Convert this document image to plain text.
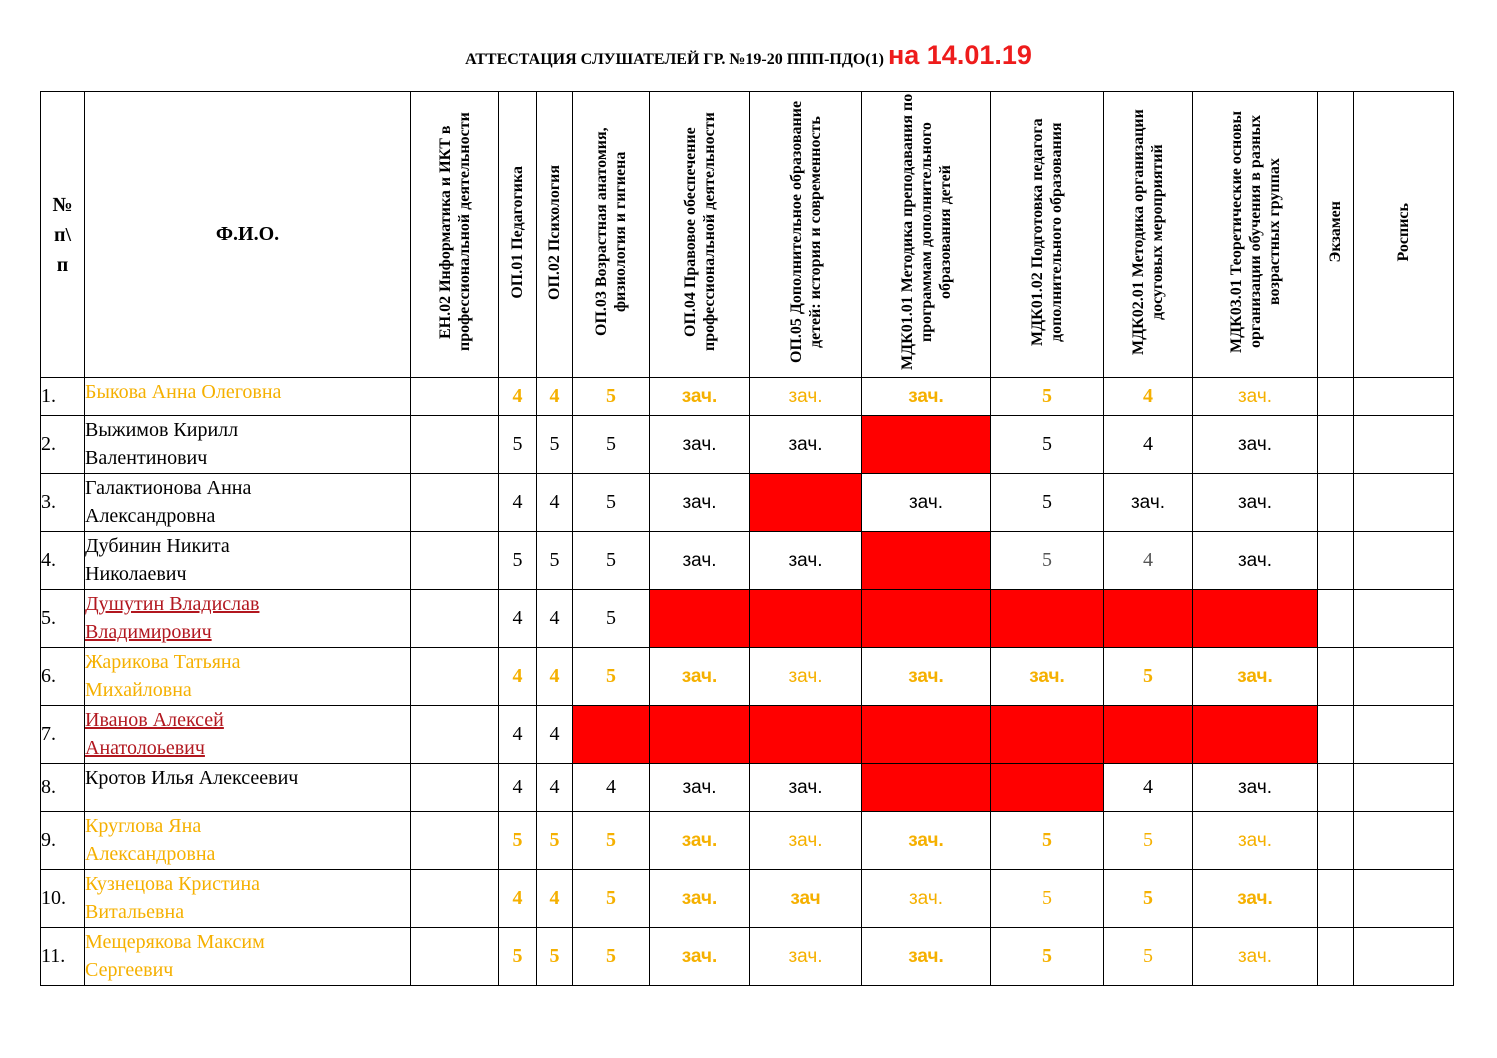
АТТЕСТАЦИЯ СЛУШАТЕЛЕЙ ГР. №19-20 ППП-ПДО(1) на 14.01.19
№
п\
п	Ф.И.О.	ЕН.02 Информатика и ИКТ в профессиональной деятельности	ОП.01 Педагогика	ОП.02 Психология	ОП.03 Возрастная анатомия, физиология и гигиена	ОП.04 Правовое обеспечение профессиональной деятельности	ОП.05 Дополнительное образование детей: история и современность	МДК01.01 Методика преподавания по программам дополнительного образования детей	МДК01.02 Подготовка педагога дополнительного образования	МДК02.01 Методика организации досуговых мероприятий	МДК03.01 Теоретические основы организации обучения в разных возрастных группах	Экзамен	Роспись
1.	Быкова Анна Олеговна		4	4	5	зач.	зач.	зач.	5	4	зач.		
2.	Выжимов Кирилл
Валентинович		5	5	5	зач.	зач.		5	4	зач.		
3.	Галактионова Анна
Александровна		4	4	5	зач.		зач.	5	зач.	зач.		
4.	Дубинин Никита
Николаевич		5	5	5	зач.	зач.		5	4	зач.		
5.	Душутин Владислав
Владимирович		4	4	5								
6.	Жарикова Татьяна
Михайловна		4	4	5	зач.	зач.	зач.	зач.	5	зач.		
7.	Иванов Алексей
Анатолоьевич		4	4									
8.	Кротов Илья Алексеевич		4	4	4	зач.	зач.			4	зач.		
9.	Круглова Яна
Александровна		5	5	5	зач.	зач.	зач.	5	5	зач.		
10.	Кузнецова Кристина
Витальевна		4	4	5	зач.	зач	зач.	5	5	зач.		
11.	Мещерякова Максим
Сергеевич		5	5	5	зач.	зач.	зач.	5	5	зач.		
